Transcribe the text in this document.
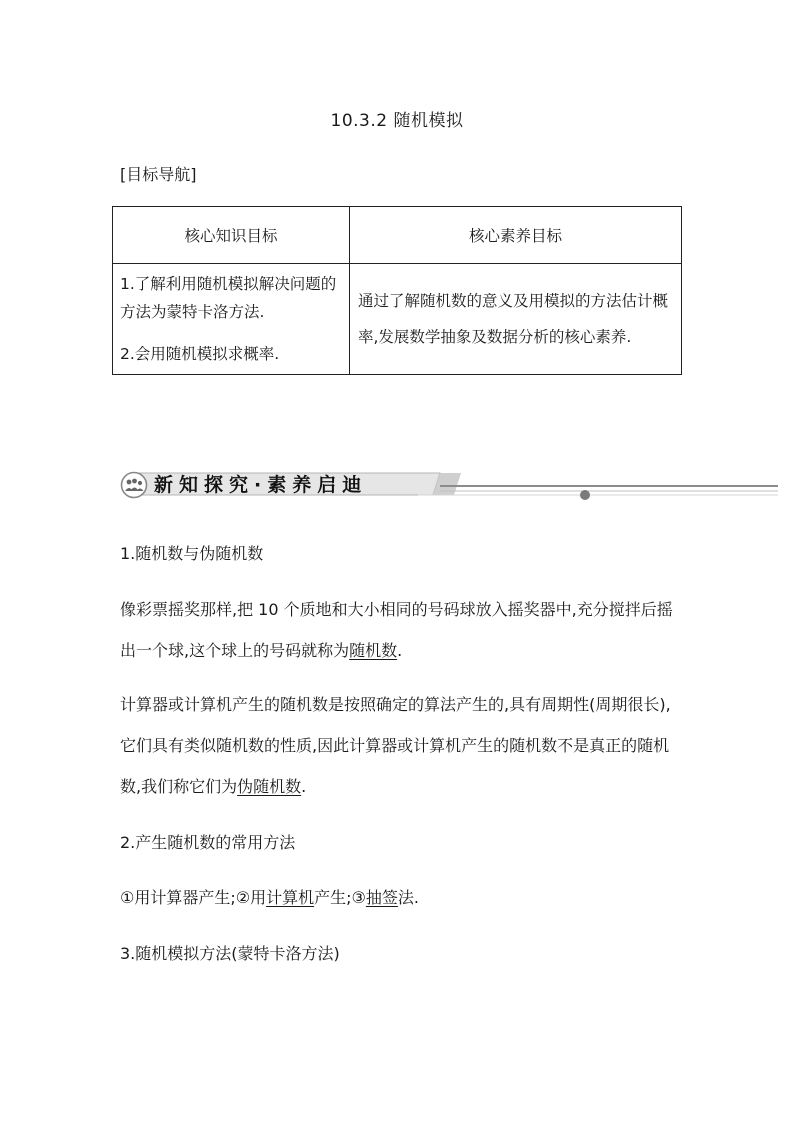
10.3.2 随机模拟
[目标导航]
核心知识目标	核心素养目标

1.了解利用随机模拟解决问题的方法为蒙特卡洛方法.

2.会用随机模拟求概率.	通过了解随机数的意义及用模拟的方法估计概率,发展数学抽象及数据分析的核心素养.
新知探究·素养启迪

1.随机数与伪随机数

像彩票摇奖那样,把 10 个质地和大小相同的号码球放入摇奖器中,充分搅拌后摇出一个球,这个球上的号码就称为随机数.

计算器或计算机产生的随机数是按照确定的算法产生的,具有周期性(周期很长),它们具有类似随机数的性质,因此计算器或计算机产生的随机数不是真正的随机数,我们称它们为伪随机数.

2.产生随机数的常用方法

①用计算器产生;②用计算机产生;③抽签法.

3.随机模拟方法(蒙特卡洛方法)
